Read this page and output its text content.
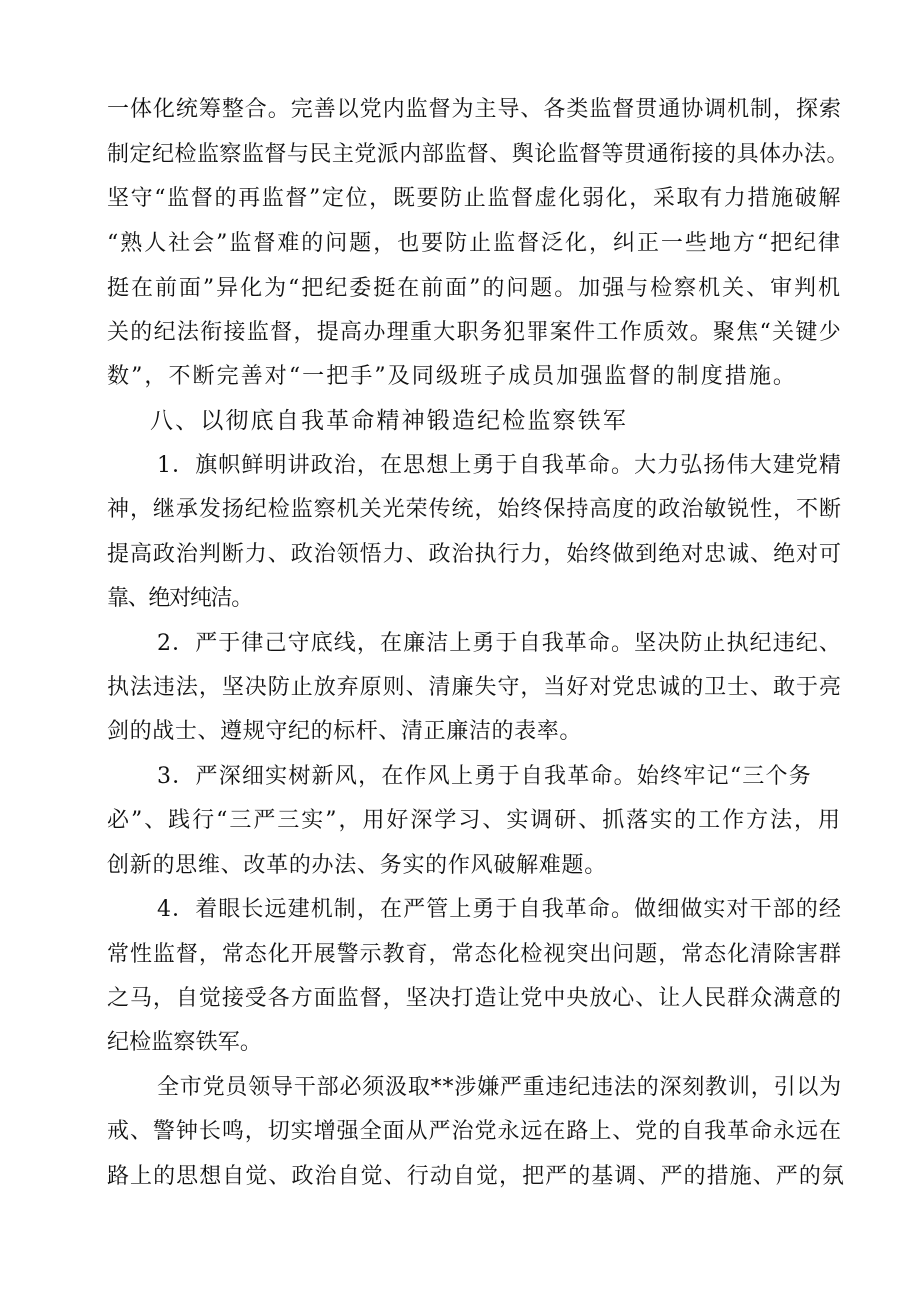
一体化统筹整合。完善以党内监督为主导、各类监督贯通协调机制，探索
制定纪检监察监督与民主党派内部监督、舆论监督等贯通衔接的具体办法。
坚守“监督的再监督”定位，既要防止监督虚化弱化，采取有力措施破解
“熟人社会”监督难的问题，也要防止监督泛化，纠正一些地方“把纪律
挺在前面”异化为“把纪委挺在前面”的问题。加强与检察机关、审判机
关的纪法衔接监督，提高办理重大职务犯罪案件工作质效。聚焦“关键少
数”，不断完善对“一把手”及同级班子成员加强监督的制度措施。
八、以彻底自我革命精神锻造纪检监察铁军
1．旗帜鲜明讲政治，在思想上勇于自我革命。大力弘扬伟大建党精
神，继承发扬纪检监察机关光荣传统，始终保持高度的政治敏锐性，不断
提高政治判断力、政治领悟力、政治执行力，始终做到绝对忠诚、绝对可
靠、绝对纯洁。
2．严于律己守底线，在廉洁上勇于自我革命。坚决防止执纪违纪、
执法违法，坚决防止放弃原则、清廉失守，当好对党忠诚的卫士、敢于亮
剑的战士、遵规守纪的标杆、清正廉洁的表率。
3．严深细实树新风，在作风上勇于自我革命。始终牢记“三个务
必”、践行“三严三实”，用好深学习、实调研、抓落实的工作方法，用
创新的思维、改革的办法、务实的作风破解难题。
4．着眼长远建机制，在严管上勇于自我革命。做细做实对干部的经
常性监督，常态化开展警示教育，常态化检视突出问题，常态化清除害群
之马，自觉接受各方面监督，坚决打造让党中央放心、让人民群众满意的
纪检监察铁军。
全市党员领导干部必须汲取**涉嫌严重违纪违法的深刻教训，引以为
戒、警钟长鸣，切实增强全面从严治党永远在路上、党的自我革命永远在
路上的思想自觉、政治自觉、行动自觉，把严的基调、严的措施、严的氛
